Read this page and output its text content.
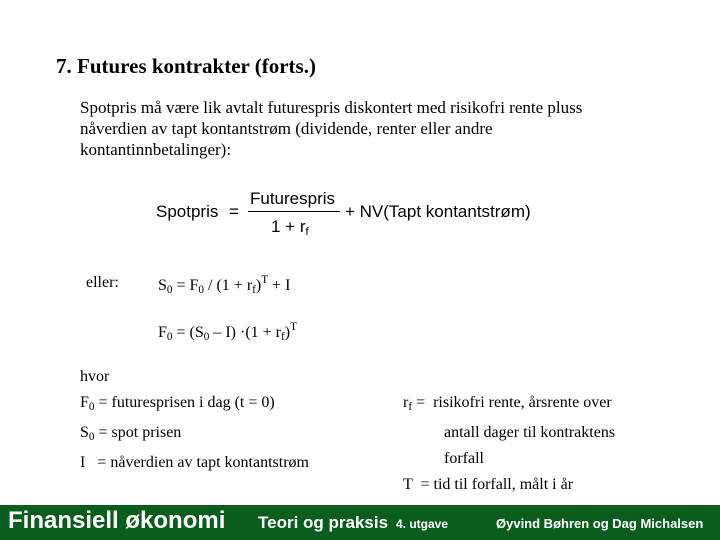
7. Futures kontrakter (forts.)
Spotpris må være lik avtalt futurespris diskontert med risikofri rente pluss
nåverdien av tapt kontantstrøm (dividende, renter eller andre
kontantinnbetalinger):
Spotpris =
Futurespris
$1 + r_f$
+ NV(Tapt kontantstrøm)
eller: $S_0 = F_0 / (1 + r_f)^T + I$
$F_0 = (S_0 - I) \cdot(1 + r_f)^T$
hvor
$F_0$ = futuresprisen i dag (t = 0)
$S_0$ = spot prisen
I   = nåverdien av tapt kontantstrøm
$r_f$ =  risikofri rente, årsrente over
antall dager til kontraktens
forfall
T  = tid til forfall, målt i år
Finansiell økonomi Teori og praksis 4. utgave	Øyvind Bøhren og Dag Michalsen
